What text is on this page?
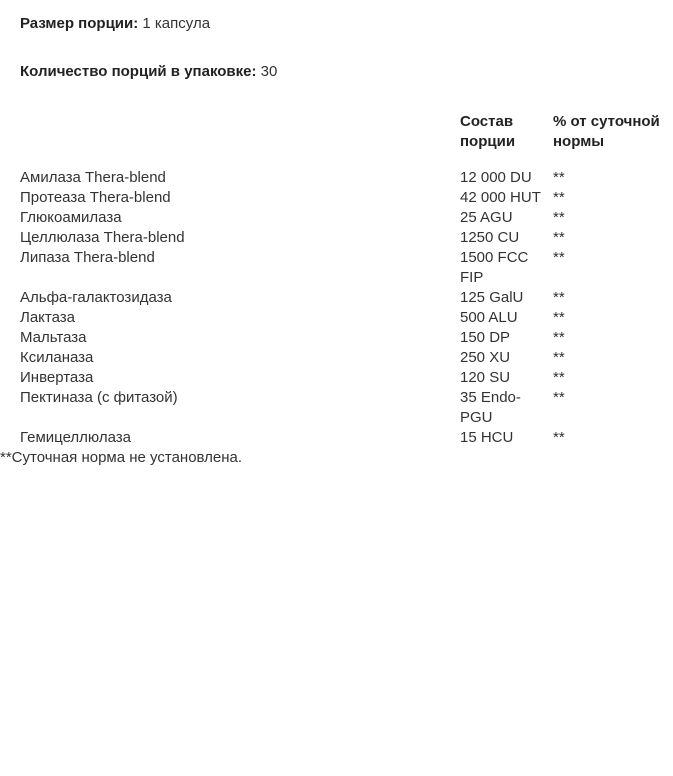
Размер порции: 1 капсула		
Количество порций в упаковке: 30		
	Состав порции	% от суточной нормы
Амилаза Thera-blend	12 000 DU	**
Протеаза Thera-blend	42 000 HUT	**
Глюкоамилаза	25 AGU	**
Целлюлаза Thera-blend	1250 CU	**
Липаза Thera-blend	1500 FCC FIP	**
Альфа-галактозидаза	125 GalU	**
Лактаза	500 ALU	**
Мальтаза	150 DP	**
Ксиланаза	250 XU	**
Инвертаза	120 SU	**
Пектиназа (с фитазой)	35 Endo-PGU	**
Гемицеллюлаза	15 HCU	**
**Суточная норма не установлена.		
